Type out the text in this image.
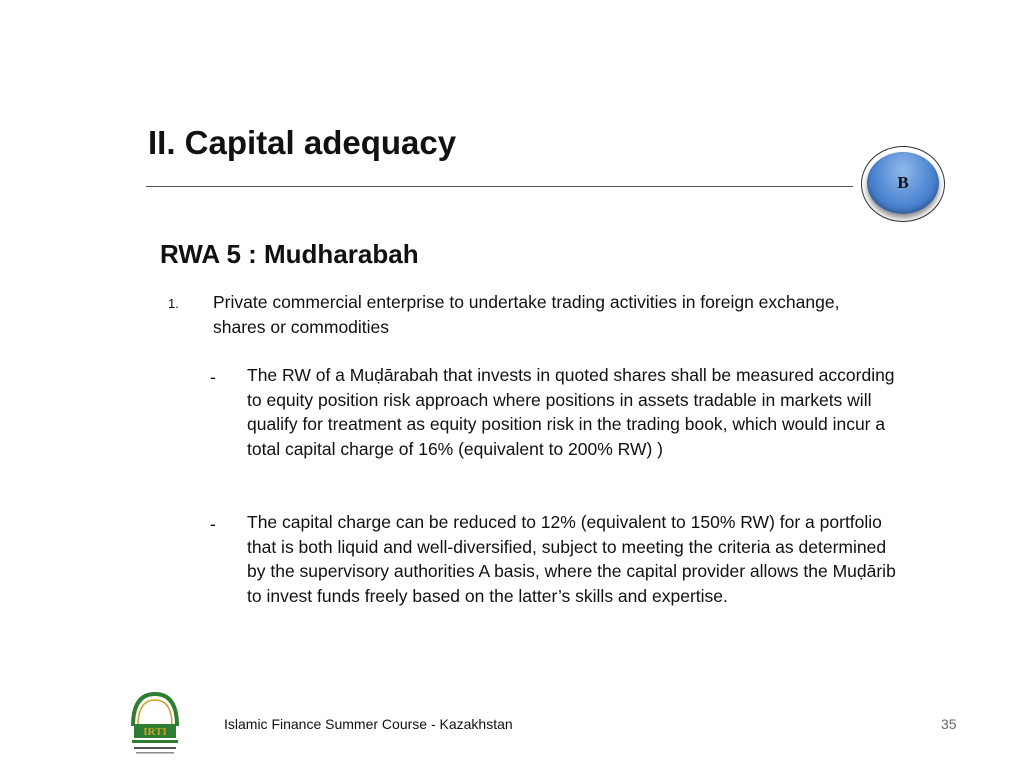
II. Capital adequacy
B
RWA 5 : Mudharabah
1. Private commercial enterprise to undertake trading activities in foreign exchange, shares or commodities
- The RW of a Muḍārabah that invests in quoted shares shall be measured according to equity position risk approach where positions in assets tradable in markets will qualify for treatment as equity position risk in the trading book, which would incur a total capital charge of 16% (equivalent to 200% RW) )
- The capital charge can be reduced to 12% (equivalent to 150% RW) for a portfolio that is both liquid and well-diversified, subject to meeting the criteria as determined by the supervisory authorities A basis, where the capital provider allows the Muḍārib to invest funds freely based on the latter’s skills and expertise.
IRTI	Islamic Finance Summer Course - Kazakhstan	35
